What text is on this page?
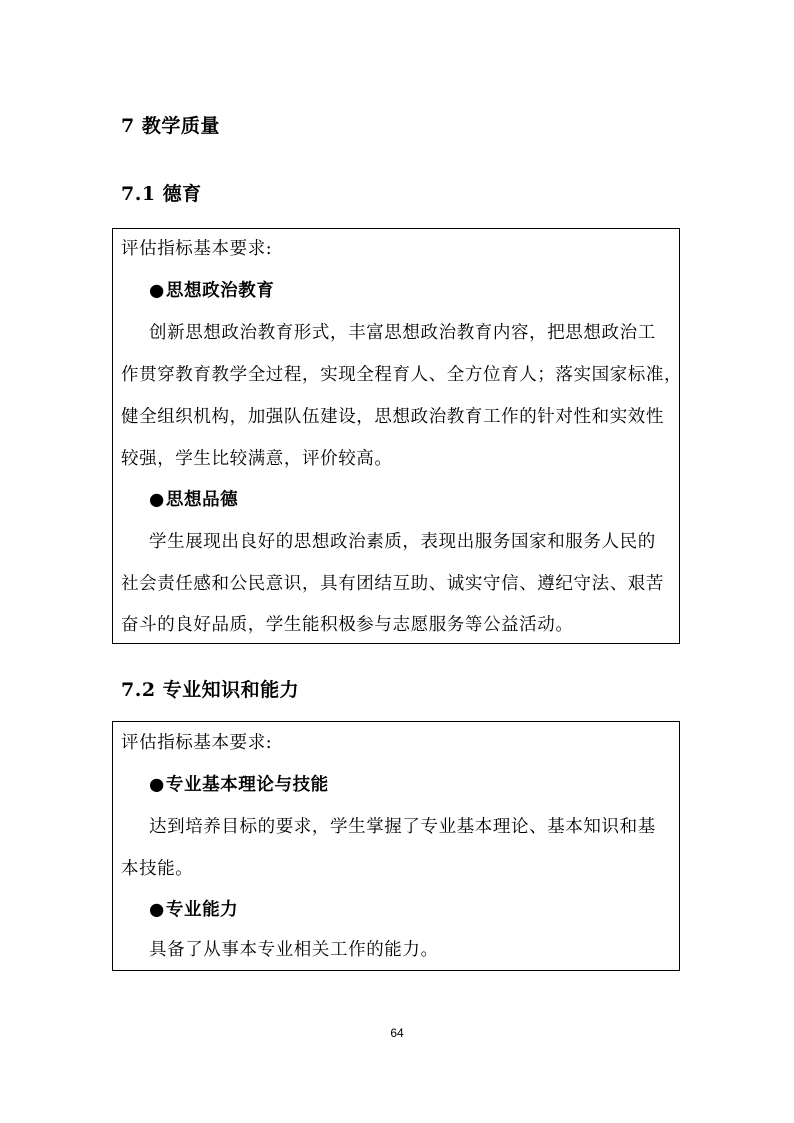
7 教学质量
7.1 德育
评估指标基本要求:
●思想政治教育
创新思想政治教育形式，丰富思想政治教育内容，把思想政治工
作贯穿教育教学全过程，实现全程育人、全方位育人；落实国家标准，
健全组织机构，加强队伍建设，思想政治教育工作的针对性和实效性
较强，学生比较满意，评价较高。
●思想品德
学生展现出良好的思想政治素质，表现出服务国家和服务人民的
社会责任感和公民意识，具有团结互助、诚实守信、遵纪守法、艰苦
奋斗的良好品质，学生能积极参与志愿服务等公益活动。
7.2 专业知识和能力
评估指标基本要求:
●专业基本理论与技能
达到培养目标的要求，学生掌握了专业基本理论、基本知识和基
本技能。
●专业能力
具备了从事本专业相关工作的能力。
64
